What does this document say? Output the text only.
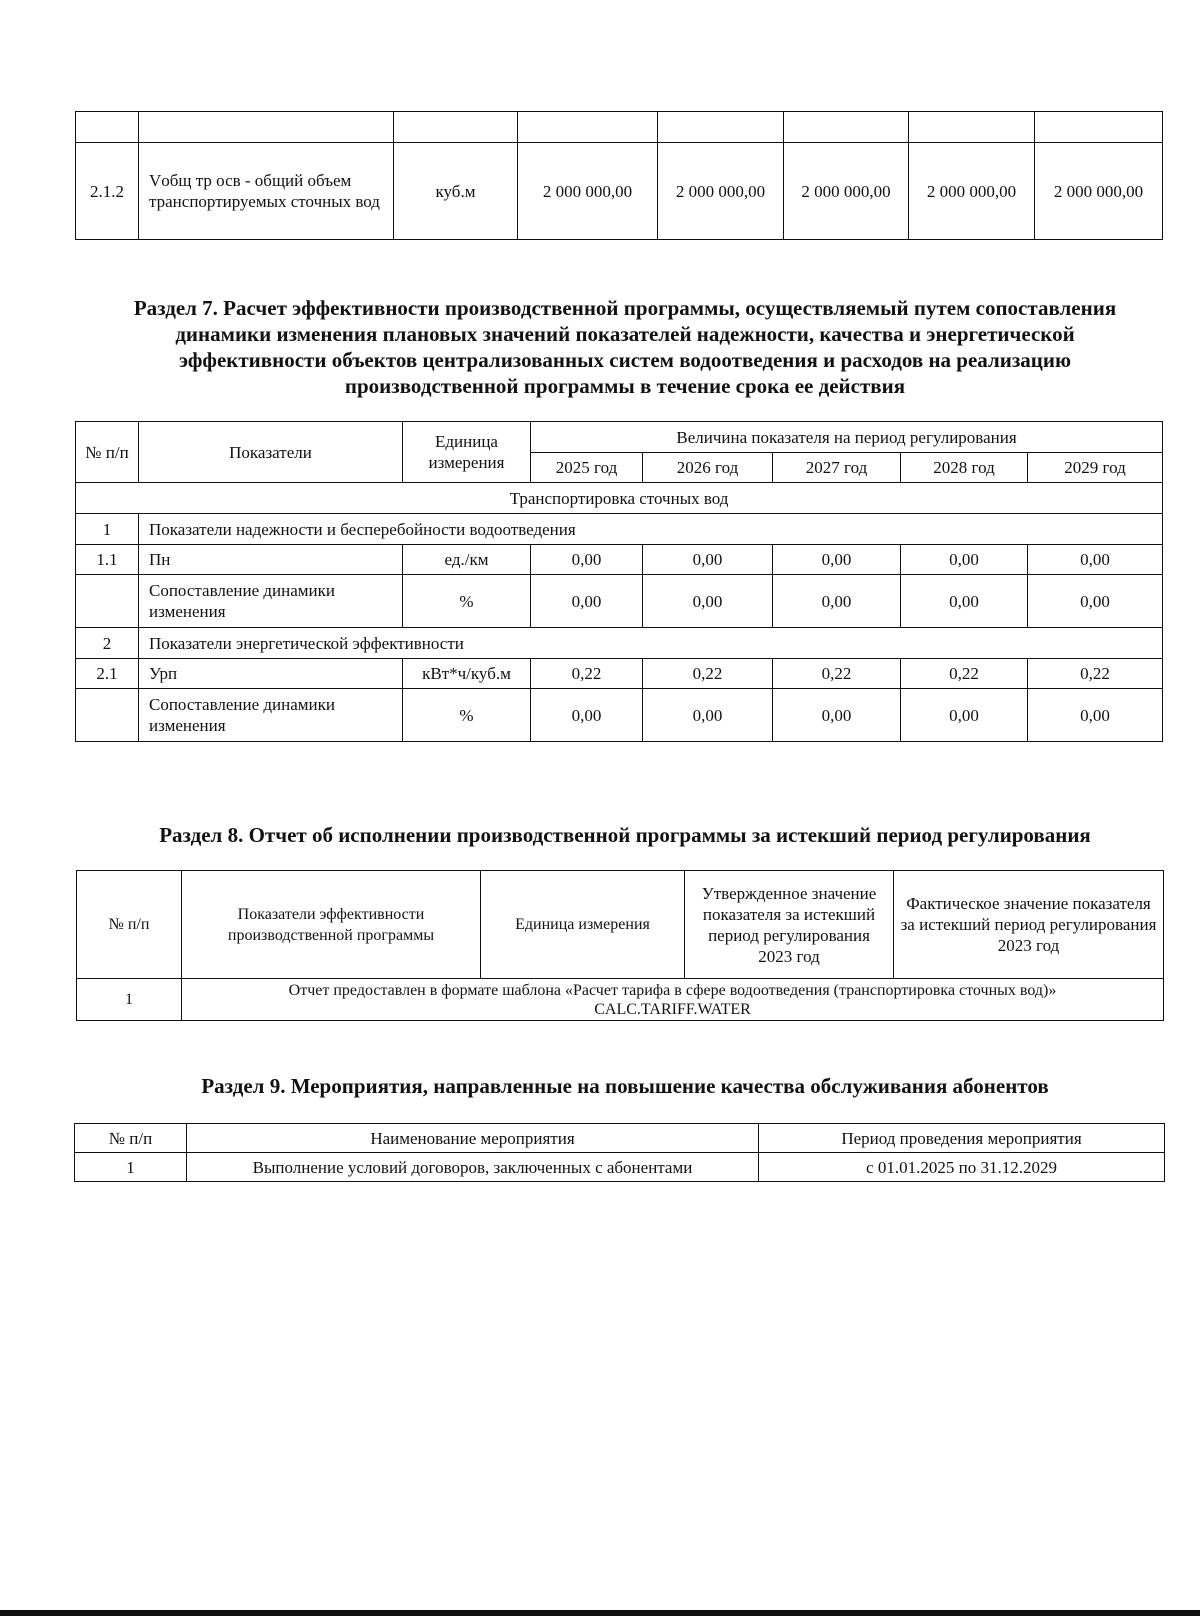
2.1.2	Vобщ тр осв - общий объем транспортируемых сточных вод	куб.м	2 000 000,00	2 000 000,00	2 000 000,00	2 000 000,00	2 000 000,00

Раздел 7. Расчет эффективности производственной программы, осуществляемый путем сопоставления динамики изменения плановых значений показателей надежности, качества и энергетической эффективности объектов централизованных систем водоотведения и расходов на реализацию производственной программы в течение срока ее действия

№ п/п	Показатели	Единица измерения	Величина показателя на период регулирования				
			2025 год	2026 год	2027 год	2028 год	2029 год
Транспортировка сточных вод							
1	Показатели надежности и бесперебойности водоотведения						
1.1	Пн	ед./км	0,00	0,00	0,00	0,00	0,00
	Сопоставление динамики изменения	%	0,00	0,00	0,00	0,00	0,00
2	Показатели энергетической эффективности						
2.1	Урп	кВт*ч/куб.м	0,22	0,22	0,22	0,22	0,22
	Сопоставление динамики изменения	%	0,00	0,00	0,00	0,00	0,00

Раздел 8. Отчет об исполнении производственной программы за истекший период регулирования

№ п/п	Показатели эффективности производственной программы	Единица измерения	Утвержденное значение показателя за истекший период регулирования 2023 год	Фактическое значение показателя за истекший период регулирования 2023 год
1	Отчет предоставлен в формате шаблона «Расчет тарифа в сфере водоотведения (транспортировка сточных вод)»
CALC.TARIFF.WATER			

Раздел 9. Мероприятия, направленные на повышение качества обслуживания абонентов

№ п/п	Наименование мероприятия	Период проведения мероприятия
1	Выполнение условий договоров, заключенных с абонентами	с 01.01.2025 по 31.12.2029
